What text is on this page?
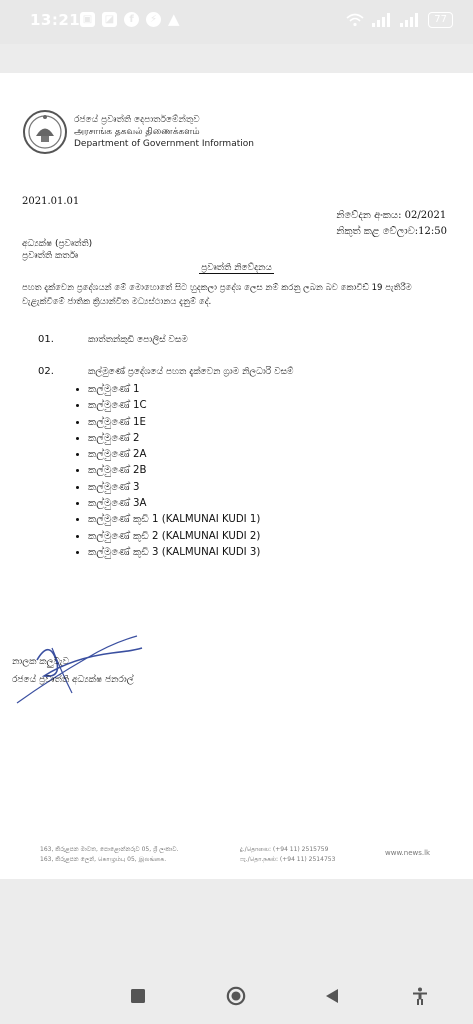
13:21 ▣ ◪	f	⚡ ▲	77
රජයේ ප්‍රවෘත්ති දෙපාර්තමේන්තුව
அரசாங்க தகவல் திணைக்களம்
Department of Government Information
2021.01.01
නිවේදන අංකය: 02/2021
නිකුත් කළ වේලාව:12:50
අධ්‍යක්ෂ (ප්‍රවෘත්ති)
ප්‍රවෘත්ති කර්තෘ
ප්‍රවෘත්ති නිවේදනය
පහත දැක්වෙන ප්‍රදේශයන් මේ මොහොතේ සිට හුදකලා ප්‍රදේශ ලෙස නම් කරනු ලබන බව කොවිඩ් 19 පැතිරීම වැළැක්වීමේ ජාතික ක්‍රියාන්විත මධ්‍යස්ථානය දැනුම් දේ.
01.	කාත්තන්කුඩි පොලිස් වසම
02.	කල්මුණේ ප්‍රදේශයේ පහත දැක්වෙන ග්‍රාම නිලධාරි වසම්
• කල්මුණේ 1
• කල්මුණේ 1C
• කල්මුණේ 1E
• කල්මුණේ 2
• කල්මුණේ 2A
• කල්මුණේ 2B
• කල්මුණේ 3
• කල්මුණේ 3A
• කල්මුණේ කුඩි 1 (KALMUNAI KUDI 1)
• කල්මුණේ කුඩි 2 (KALMUNAI KUDI 2)
• කල්මුණේ කුඩි 3 (KALMUNAI KUDI 3)
නාලක කලුවැව
රජයේ ප්‍රවෘත්ති අධ්‍යක්ෂ ජනරාල්
163, කිරුළපන මාවත, පොළොන්නරුව 05, ශ්‍රී ලංකාව.
163, කිරුළපන ලෙන්, கொழும்பு 05, இலங்கை.
දු./தொலை: (+94 11) 2515759
ෆැ./தொ.நகல்: (+94 11) 2514753
www.news.lk
